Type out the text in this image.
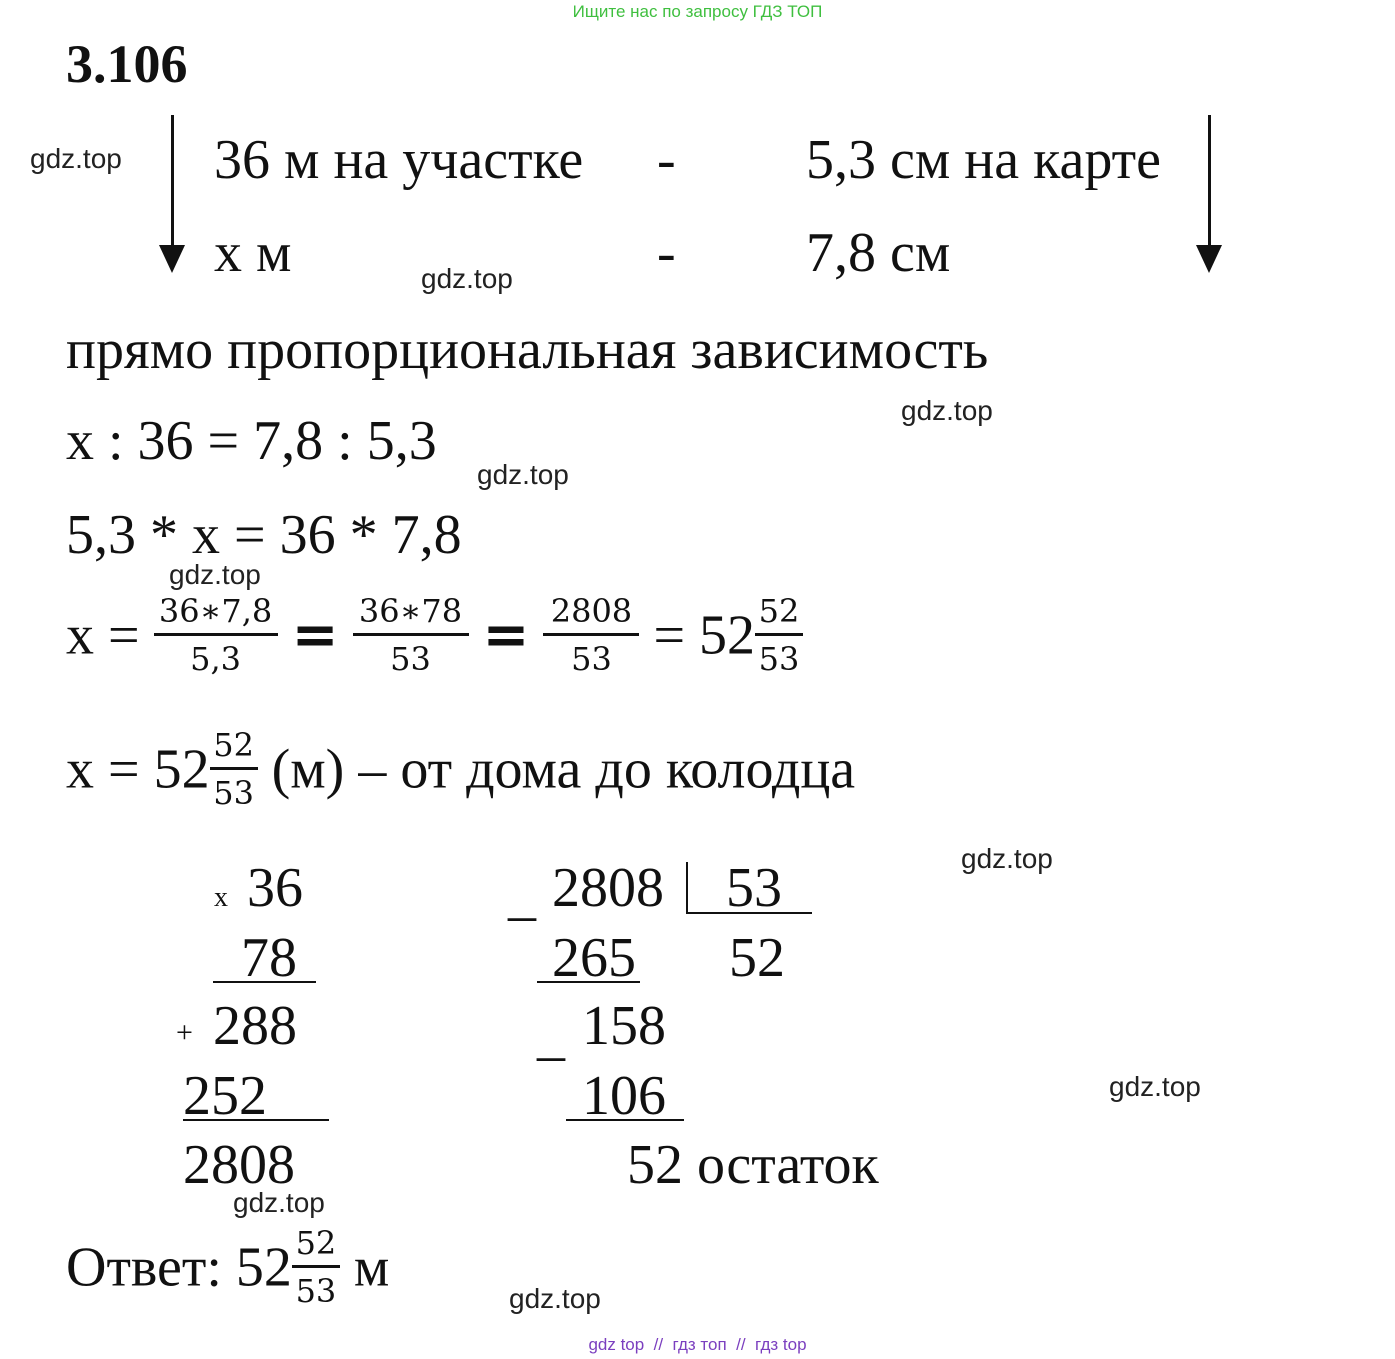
Ищите нас по запросу ГДЗ ТОП
3.106
36 м на участке - 5,3 см на карте
х м	- 7,8 см
прямо пропорциональная зависимость
х : 36 = 7,8 : 5,3
5,3 * х = 36 * 7,8
$х = \frac{36∗7,8}{5,3} = \frac{36∗78}{53} = \frac{2808}{53} = 52 \frac{52}{53}$
$х = 52 \frac{52}{53} (м)$ – от дома до колодца
х 36
78
+ 288
252
2808
_ 2808 53
52
265
_ 158
106
52 остаток
Ответ: $52 \frac{52}{53}$ м
gdz.top
gdz.top
gdz.top
gdz.top
gdz.top
gdz.top
gdz.top
gdz.top
gdz.top
gdz top  //  гдз топ  //  гдз top
